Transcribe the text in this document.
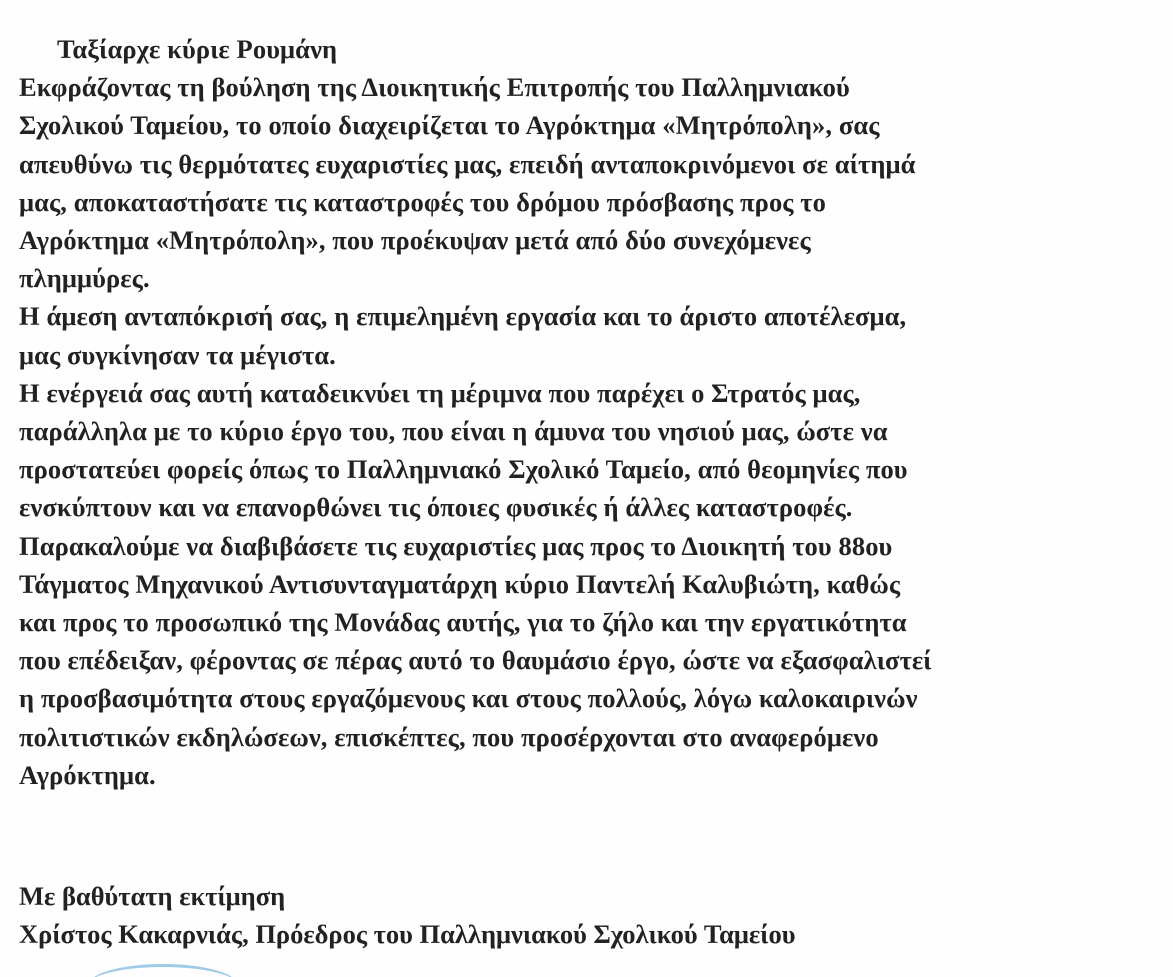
Ταξίαρχε κύριε Ρουμάνη
Εκφράζοντας τη βούληση της Διοικητικής Επιτροπής του Παλλημνιακού
Σχολικού Ταμείου, το οποίο διαχειρίζεται το Αγρόκτημα «Μητρόπολη», σας
απευθύνω τις θερμότατες ευχαριστίες μας, επειδή ανταποκρινόμενοι σε αίτημά
μας, αποκαταστήσατε τις καταστροφές του δρόμου πρόσβασης προς το
Αγρόκτημα «Μητρόπολη», που προέκυψαν μετά από δύο συνεχόμενες
πλημμύρες.
Η άμεση ανταπόκρισή σας, η επιμελημένη εργασία και το άριστο αποτέλεσμα,
μας συγκίνησαν τα μέγιστα.
Η ενέργειά σας αυτή καταδεικνύει τη μέριμνα που παρέχει ο Στρατός μας,
παράλληλα με το κύριο έργο του, που είναι η άμυνα του νησιού μας, ώστε να
προστατεύει φορείς όπως το Παλλημνιακό Σχολικό Ταμείο, από θεομηνίες που
ενσκύπτουν και να επανορθώνει τις όποιες φυσικές ή άλλες καταστροφές.
Παρακαλούμε να διαβιβάσετε τις ευχαριστίες μας προς το Διοικητή του 88ου
Τάγματος Μηχανικού Αντισυνταγματάρχη κύριο Παντελή Καλυβιώτη, καθώς
και προς το προσωπικό της Μονάδας αυτής, για το ζήλο και την εργατικότητα
που επέδειξαν, φέροντας σε πέρας αυτό το θαυμάσιο έργο, ώστε να εξασφαλιστεί
η προσβασιμότητα στους εργαζόμενους και στους πολλούς, λόγω καλοκαιρινών
πολιτιστικών εκδηλώσεων, επισκέπτες, που προσέρχονται στο αναφερόμενο
Αγρόκτημα.
Με βαθύτατη εκτίμηση
Χρίστος Κακαρνιάς, Πρόεδρος του Παλλημνιακού Σχολικού Ταμείου
